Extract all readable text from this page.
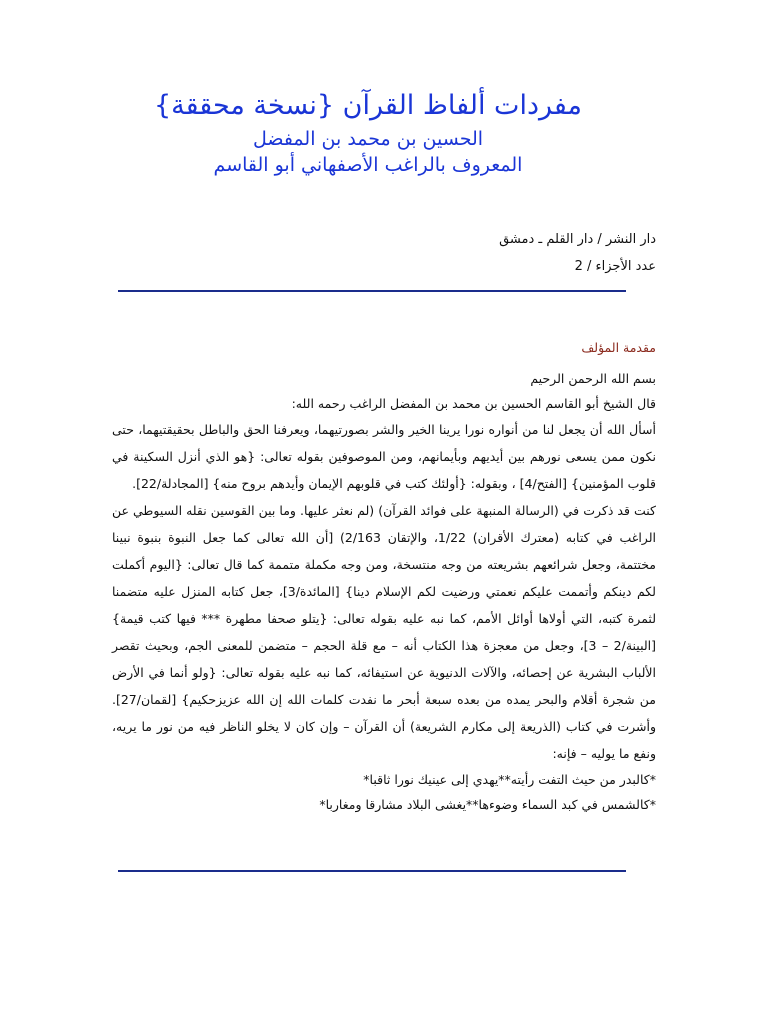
مفردات ألفاظ القرآن {نسخة محققة}
الحسين بن محمد بن المفضل
المعروف بالراغب الأصفهاني أبو القاسم
دار النشر / دار القلم ـ دمشق
عدد الأجزاء / 2
مقدمة المؤلف

بسم الله الرحمن الرحيم

قال الشيخ أبو القاسم الحسين بن محمد بن المفضل الراغب رحمه الله:

أسأل الله أن يجعل لنا من أنواره نورا يرينا الخير والشر بصورتيهما، ويعرفنا الحق والباطل بحقيقتيهما، حتى نكون ممن يسعى نورهم بين أيديهم وبأيمانهم، ومن الموصوفين بقوله تعالى: {هو الذي أنزل السكينة في قلوب المؤمنين} [الفتح/4] ، وبقوله: {أولئك كتب في قلوبهم الإيمان وأيدهم بروح منه} [المجادلة/22].

كنت قد ذكرت في (الرسالة المنبهة على فوائد القرآن) (لم نعثر عليها. وما بين القوسين نقله السيوطي عن الراغب في كتابه (معترك الأقران) 1/22، والإتقان 2/163) [أن الله تعالى كما جعل النبوة بنبوة نبينا مختتمة، وجعل شرائعهم بشريعته من وجه منتسخة، ومن وجه مكملة متممة كما قال تعالى: {اليوم أكملت لكم دينكم وأتممت عليكم نعمتي ورضيت لكم الإسلام دينا} [المائدة/3]، جعل كتابه المنزل عليه متضمنا لثمرة كتبه، التي أولاها أوائل الأمم، كما نبه عليه بقوله تعالى: {يتلو صحفا مطهرة *** فيها كتب قيمة} [البينة/2 – 3]، وجعل من معجزة هذا الكتاب أنه – مع قلة الحجم – متضمن للمعنى الجم، وبحيث تقصر الألباب البشرية عن إحصائه، والآلات الدنيوية عن استيفائه، كما نبه عليه بقوله تعالى: {ولو أنما في الأرض من شجرة أقلام والبحر يمده من بعده سبعة أبحر ما نفدت كلمات الله إن الله عزيزحكيم} [لقمان/27]. وأشرت في كتاب (الذريعة إلى مكارم الشريعة) أن القرآن – وإن كان لا يخلو الناظر فيه من نور ما يريه، ونفع ما يوليه – فإنه:

*كالبدر من حيث التفت رأيته**يهدي إلى عينيك نورا ثاقبا*
*كالشمس في كبد السماء وضوءها**يغشى البلاد مشارقا ومغاربا*
